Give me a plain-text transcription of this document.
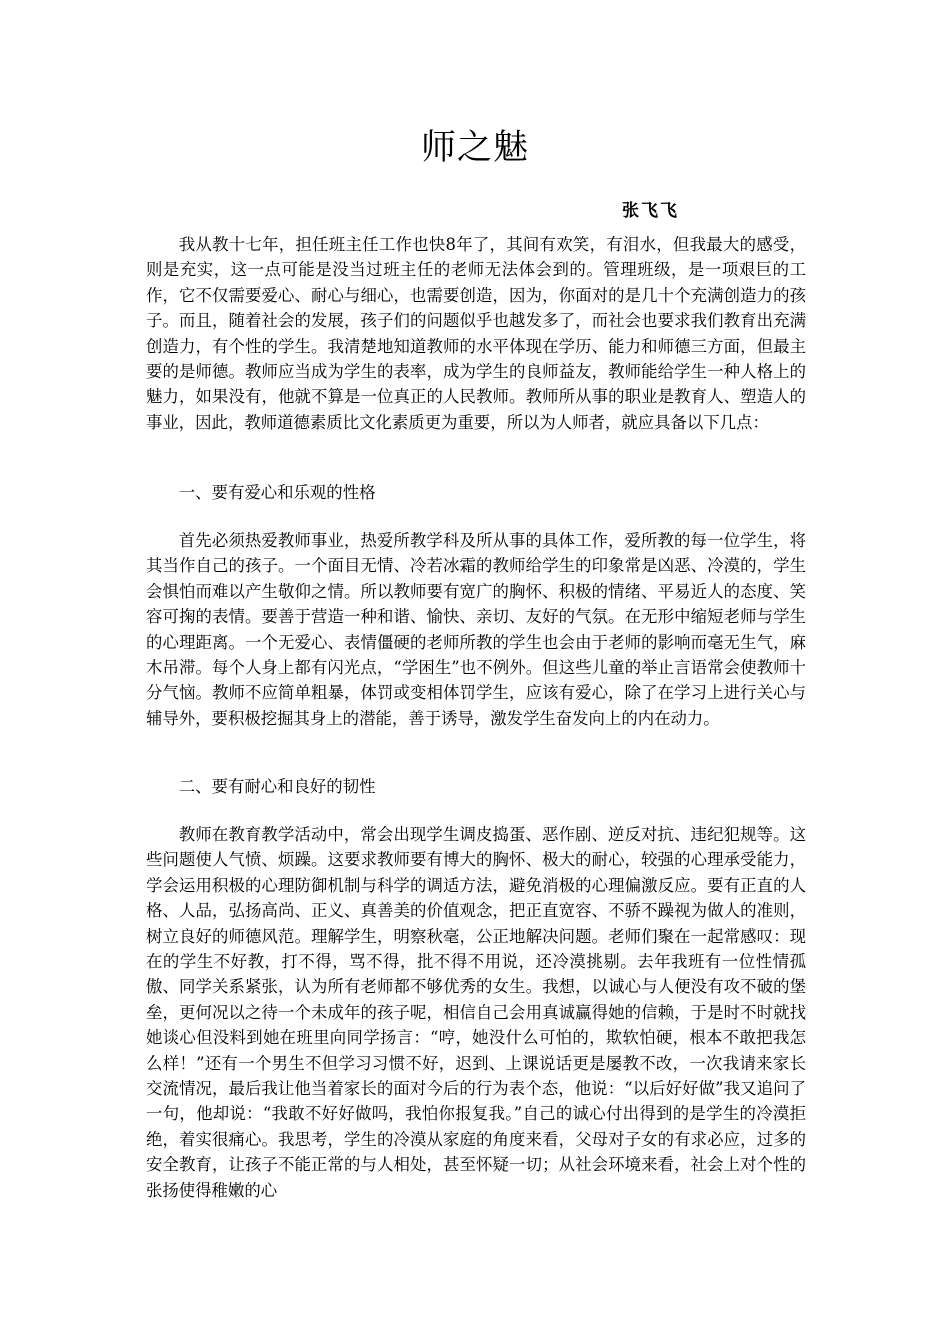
师之魅
张飞飞

我从教十七年，担任班主任工作也快8年了，其间有欢笑，有泪水，但我最大的感受，则是充实，这一点可能是没当过班主任的老师无法体会到的。管理班级，是一项艰巨的工作，它不仅需要爱心、耐心与细心，也需要创造，因为，你面对的是几十个充满创造力的孩子。而且，随着社会的发展，孩子们的问题似乎也越发多了，而社会也要求我们教育出充满创造力，有个性的学生。我清楚地知道教师的水平体现在学历、能力和师德三方面，但最主要的是师德。教师应当成为学生的表率，成为学生的良师益友，教师能给学生一种人格上的魅力，如果没有，他就不算是一位真正的人民教师。教师所从事的职业是教育人、塑造人的事业，因此，教师道德素质比文化素质更为重要，所以为人师者，就应具备以下几点：

一、要有爱心和乐观的性格

首先必须热爱教师事业，热爱所教学科及所从事的具体工作，爱所教的每一位学生，将其当作自己的孩子。一个面目无情、冷若冰霜的教师给学生的印象常是凶恶、冷漠的，学生会惧怕而难以产生敬仰之情。所以教师要有宽广的胸怀、积极的情绪、平易近人的态度、笑容可掬的表情。要善于营造一种和谐、愉快、亲切、友好的气氛。在无形中缩短老师与学生的心理距离。一个无爱心、表情僵硬的老师所教的学生也会由于老师的影响而毫无生气，麻木吊滞。每个人身上都有闪光点，“学困生”也不例外。但这些儿童的举止言语常会使教师十分气恼。教师不应简单粗暴，体罚或变相体罚学生，应该有爱心，除了在学习上进行关心与辅导外，要积极挖掘其身上的潜能，善于诱导，激发学生奋发向上的内在动力。

二、要有耐心和良好的韧性

教师在教育教学活动中，常会出现学生调皮捣蛋、恶作剧、逆反对抗、违纪犯规等。这些问题使人气愤、烦躁。这要求教师要有博大的胸怀、极大的耐心，较强的心理承受能力，学会运用积极的心理防御机制与科学的调适方法，避免消极的心理偏激反应。要有正直的人格、人品，弘扬高尚、正义、真善美的价值观念，把正直宽容、不骄不躁视为做人的准则，树立良好的师德风范。理解学生，明察秋毫，公正地解决问题。老师们聚在一起常感叹：现在的学生不好教，打不得，骂不得，批不得不用说，还冷漠挑剔。去年我班有一位性情孤傲、同学关系紧张，认为所有老师都不够优秀的女生。我想，以诚心与人便没有攻不破的堡垒，更何况以之待一个未成年的孩子呢，相信自己会用真诚赢得她的信赖，于是时不时就找她谈心但没料到她在班里向同学扬言：“哼，她没什么可怕的，欺软怕硬，根本不敢把我怎么样！”还有一个男生不但学习习惯不好，迟到、上课说话更是屡教不改，一次我请来家长交流情况，最后我让他当着家长的面对今后的行为表个态，他说：“以后好好做”我又追问了一句，他却说：“我敢不好好做吗，我怕你报复我。”自己的诚心付出得到的是学生的冷漠拒绝，着实很痛心。我思考，学生的冷漠从家庭的角度来看，父母对子女的有求必应，过多的安全教育，让孩子不能正常的与人相处，甚至怀疑一切；从社会环境来看，社会上对个性的张扬使得稚嫩的心
